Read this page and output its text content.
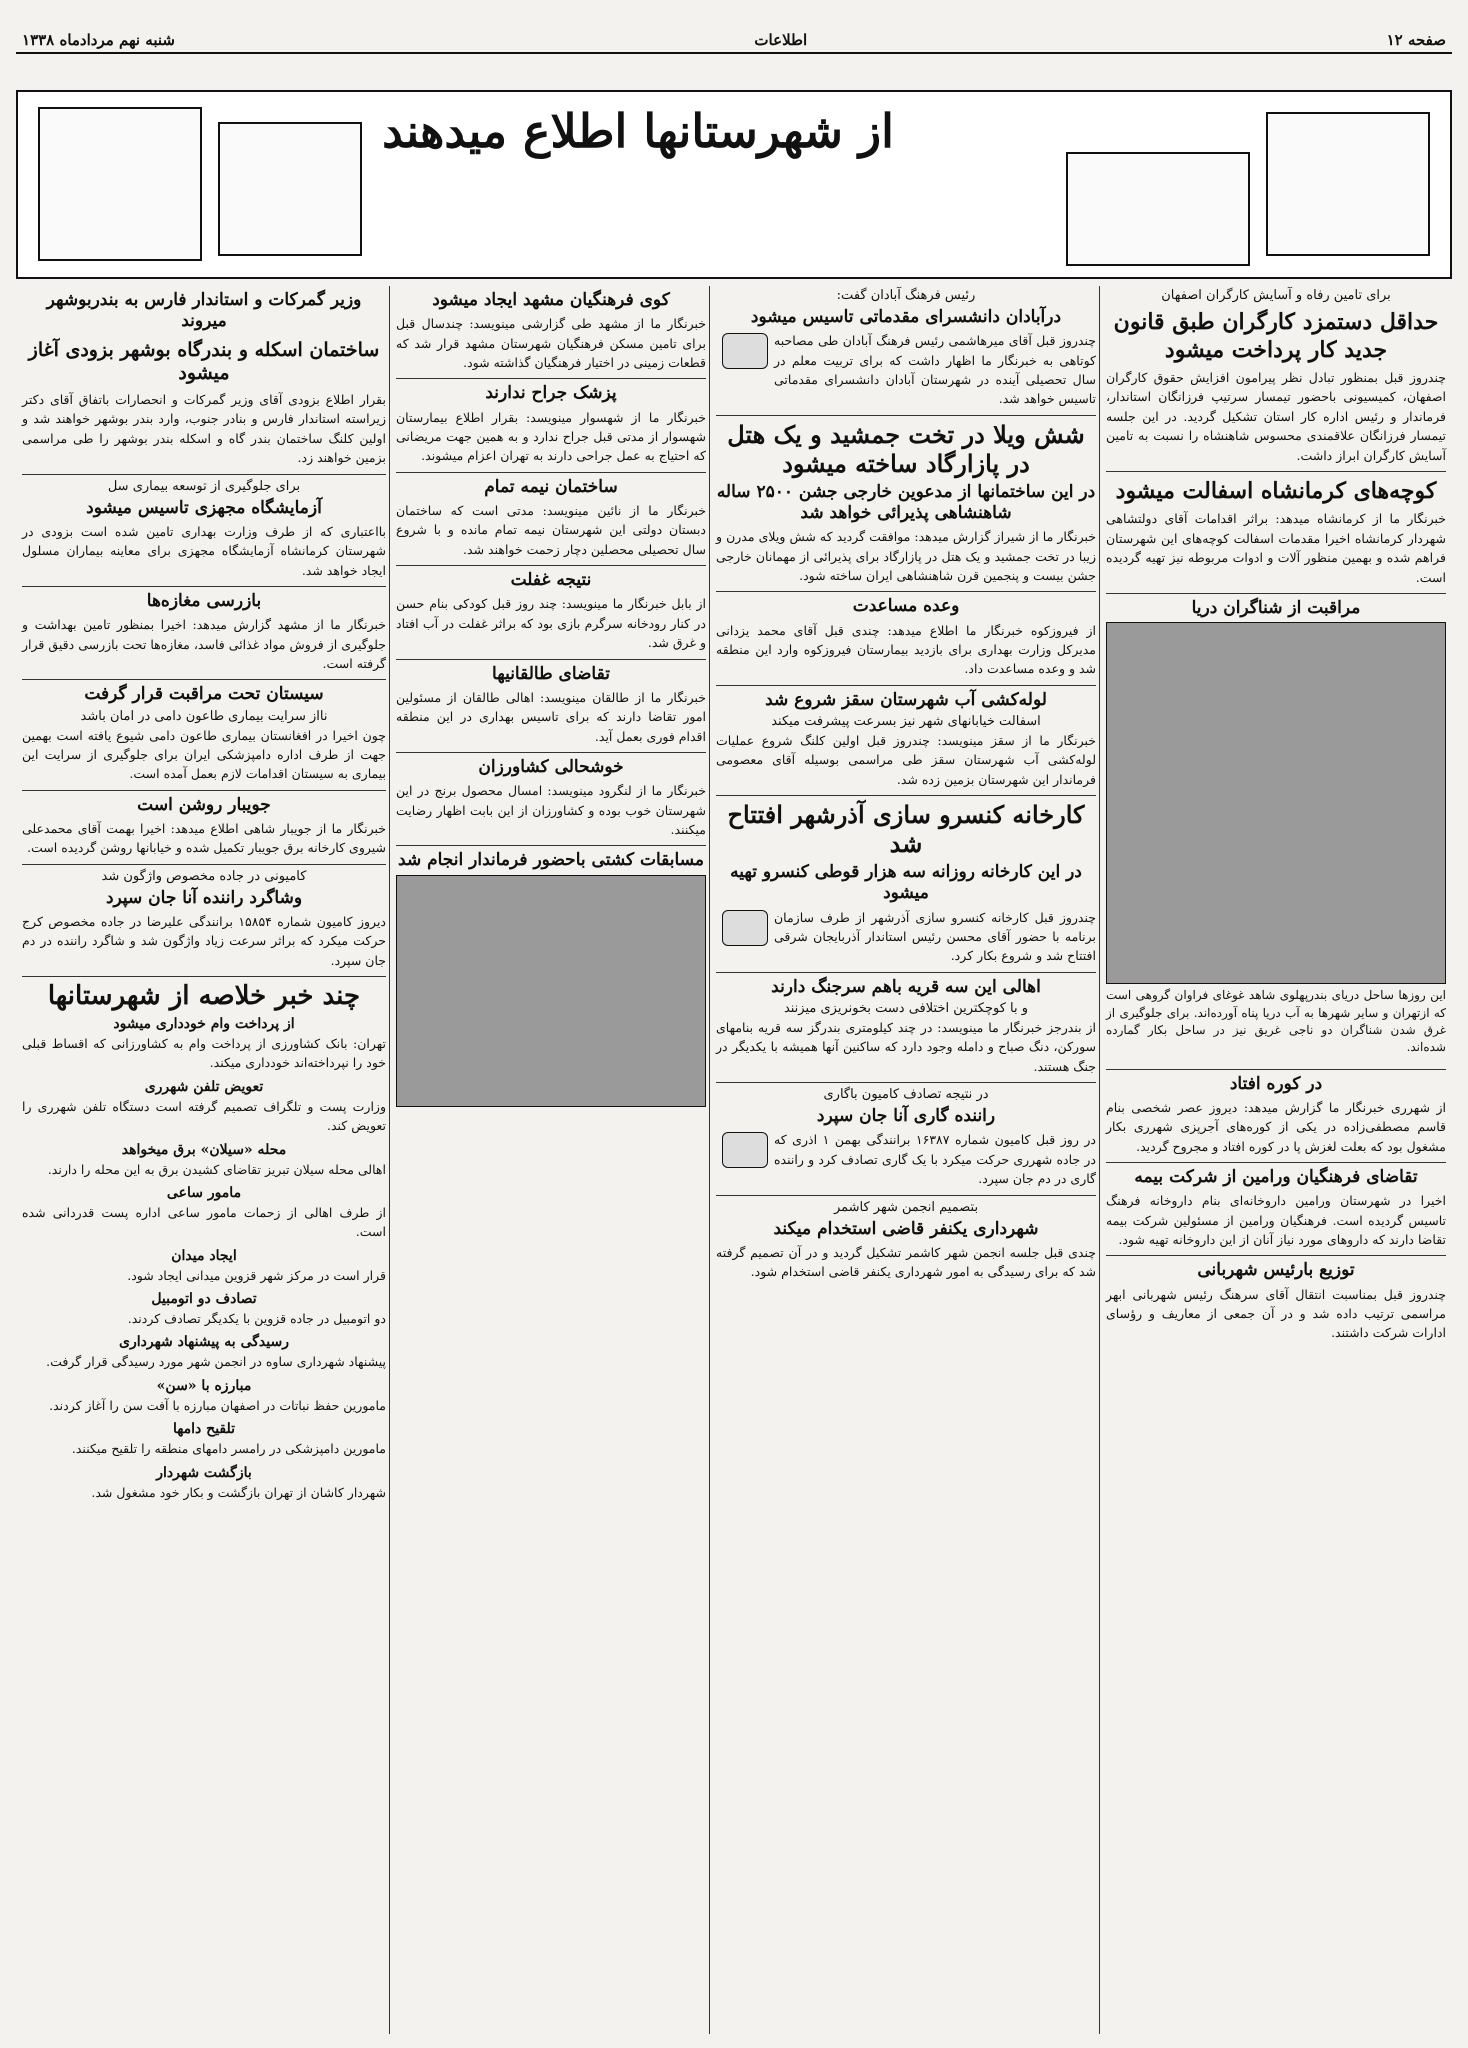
صفحه ۱۲
اطلاعات
شنبه نهم مردادماه ۱۳۳۸
از شهرستانها اطلاع میدهند
برای تامین رفاه و آسایش کارگران اصفهان
حداقل دستمزد کارگران طبق قانون جدید کار پرداخت میشود

چندروز قبل بمنظور تبادل نظر پیرامون افزایش حقوق کارگران اصفهان، کمیسیونی باحضور تیمسار سرتیپ فرزانگان استاندار، فرماندار و رئیس اداره کار استان تشکیل گردید. در این جلسه تیمسار فرزانگان علاقمندی محسوس شاهنشاه را نسبت به تامین آسایش کارگران ابراز داشت.

کوچه‌های کرمانشاه اسفالت میشود

خبرنگار ما از کرمانشاه میدهد: براثر اقدامات آقای دولتشاهی شهردار کرمانشاه اخیرا مقدمات اسفالت کوچه‌های این شهرستان فراهم شده و بهمین منظور آلات و ادوات مربوطه نیز تهیه گردیده است.

مراقبت از شناگران دریا

این روزها ساحل دریای بندرپهلوی شاهد غوغای فراوان گروهی است که ازتهران و سایر شهرها به آب دریا پناه آورده‌اند. برای جلوگیری از غرق شدن شناگران دو ناجی غریق نیز در ساحل بکار گمارده شده‌اند.

در کوره افتاد

از شهرری خبرنگار ما گزارش میدهد: دیروز عصر شخصی بنام قاسم مصطفی‌زاده در یکی از کوره‌های آجرپزی شهرری بکار مشغول بود که بعلت لغزش پا در کوره افتاد و مجروح گردید.

تقاضای فرهنگیان ورامین از شرکت بیمه

اخیرا در شهرستان ورامین داروخانه‌ای بنام داروخانه فرهنگ تاسیس گردیده است. فرهنگیان ورامین از مسئولین شرکت بیمه تقاضا دارند که داروهای مورد نیاز آنان از این داروخانه تهیه شود.

توزیع بارئیس شهربانی

چندروز قبل بمناسبت انتقال آقای سرهنگ رئیس شهربانی ابهر مراسمی ترتیب داده شد و در آن جمعی از معاریف و رؤسای ادارات شرکت داشتند.

رئیس فرهنگ آبادان گفت:
درآبادان دانشسرای مقدماتی تاسیس میشود

چندروز قبل آقای میرهاشمی رئیس فرهنگ آبادان طی مصاحبه کوتاهی به خبرنگار ما اظهار داشت که برای تربیت معلم در سال تحصیلی آینده در شهرستان آبادان دانشسرای مقدماتی تاسیس خواهد شد.

شش ویلا در تخت جمشید و یک هتل در پازارگاد ساخته میشود
در این ساختمانها از مدعوین خارجی جشن ۲۵۰۰ ساله شاهنشاهی پذیرائی خواهد شد

خبرنگار ما از شیراز گزارش میدهد: موافقت گردید که شش ویلای مدرن و زیبا در تخت جمشید و یک هتل در پازارگاد برای پذیرائی از مهمانان خارجی جشن بیست و پنجمین قرن شاهنشاهی ایران ساخته شود.

وعده مساعدت

از فیروزکوه خبرنگار ما اطلاع میدهد: چندی قبل آقای محمد یزدانی مدیرکل وزارت بهداری برای بازدید بیمارستان فیروزکوه وارد این منطقه شد و وعده مساعدت داد.

لوله‌کشی آب شهرستان سقز شروع شد
اسفالت خیابانهای شهر نیز بسرعت پیشرفت میکند

خبرنگار ما از سقز مینویسد: چندروز قبل اولین کلنگ شروع عملیات لوله‌کشی آب شهرستان سقز طی مراسمی بوسیله آقای معصومی فرماندار این شهرستان بزمین زده شد.

کارخانه کنسرو سازی آذرشهر افتتاح شد
در این کارخانه روزانه سه هزار قوطی کنسرو تهیه میشود

چندروز قبل کارخانه کنسرو سازی آذرشهر از طرف سازمان برنامه با حضور آقای محسن رئیس استاندار آذربایجان شرقی افتتاح شد و شروع بکار کرد.

اهالی این سه قریه باهم سرجنگ دارند
و با کوچکترین اختلافی دست بخونریزی میزنند

از بندرجز خبرنگار ما مینویسد: در چند کیلومتری بندرگز سه قریه بنامهای سورکن، دنگ صباح و دامله وجود دارد که ساکنین آنها همیشه با یکدیگر در جنگ هستند.

در نتیجه تصادف کامیون باگاری
راننده گاری آنا جان سپرد

در روز قبل کامیون شماره ۱۶۳۸۷ برانندگی بهمن ۱ اذری که در جاده شهرری حرکت میکرد با یک گاری تصادف کرد و راننده گاری در دم جان سپرد.

بتصمیم انجمن شهر کاشمر
شهرداری یکنفر قاضی استخدام میکند

چندی قبل جلسه انجمن شهر کاشمر تشکیل گردید و در آن تصمیم گرفته شد که برای رسیدگی به امور شهرداری یکنفر قاضی استخدام شود.

کوی فرهنگیان مشهد ایجاد میشود

خبرنگار ما از مشهد طی گزارشی مینویسد: چندسال قبل برای تامین مسکن فرهنگیان شهرستان مشهد قرار شد که قطعات زمینی در اختیار فرهنگیان گذاشته شود.

پزشک جراح ندارند

خبرنگار ما از شهسوار مینویسد: بقرار اطلاع بیمارستان شهسوار از مدتی قبل جراح ندارد و به همین جهت مریضانی که احتیاج به عمل جراحی دارند به تهران اعزام میشوند.

ساختمان نیمه تمام

خبرنگار ما از نائین مینویسد: مدتی است که ساختمان دبستان دولتی این شهرستان نیمه تمام مانده و با شروع سال تحصیلی محصلین دچار زحمت خواهند شد.

نتیجه غفلت

از بابل خبرنگار ما مینویسد: چند روز قبل کودکی بنام حسن در کنار رودخانه سرگرم بازی بود که براثر غفلت در آب افتاد و غرق شد.

تقاضای طالقانیها

خبرنگار ما از طالقان مینویسد: اهالی طالقان از مسئولین امور تقاضا دارند که برای تاسیس بهداری در این منطقه اقدام فوری بعمل آید.

خوشحالی کشاورزان

خبرنگار ما از لنگرود مینویسد: امسال محصول برنج در این شهرستان خوب بوده و کشاورزان از این بابت اظهار رضایت میکنند.

مسابقات کشتی باحضور فرماندار انجام شد
وزیر گمرکات و استاندار فارس به بندربوشهر میروند
ساختمان اسکله و بندرگاه بوشهر بزودی آغاز میشود

بقرار اطلاع بزودی آقای وزیر گمرکات و انحصارات باتفاق آقای دکتر زیراسته استاندار فارس و بنادر جنوب، وارد بندر بوشهر خواهند شد و اولین کلنگ ساختمان بندر گاه و اسکله بندر بوشهر را طی مراسمی بزمین خواهند زد.

برای جلوگیری از توسعه بیماری سل
آزمایشگاه مجهزی تاسیس میشود

بااعتباری که از طرف وزارت بهداری تامین شده است بزودی در شهرستان کرمانشاه آزمایشگاه مجهزی برای معاینه بیماران مسلول ایجاد خواهد شد.

بازرسی مغازه‌ها

خبرنگار ما از مشهد گزارش میدهد: اخیرا بمنظور تامین بهداشت و جلوگیری از فروش مواد غذائی فاسد، مغازه‌ها تحت بازرسی دقیق قرار گرفته است.

سیستان تحت مراقبت قرار گرفت
نااز سرایت بیماری طاعون دامی در امان باشد

چون اخیرا در افغانستان بیماری طاعون دامی شیوع یافته است بهمین جهت از طرف اداره دامپزشکی ایران برای جلوگیری از سرایت این بیماری به سیستان اقدامات لازم بعمل آمده است.

جویبار روشن است

خبرنگار ما از جویبار شاهی اطلاع میدهد: اخیرا بهمت آقای محمدعلی شیروی کارخانه برق جویبار تکمیل شده و خیابانها روشن گردیده است.

کامیونی در جاده مخصوص واژگون شد
وشاگرد راننده آنا جان سپرد

دیروز کامیون شماره ۱۵۸۵۴ برانندگی علیرضا در جاده مخصوص کرج حرکت میکرد که براثر سرعت زیاد واژگون شد و شاگرد راننده در دم جان سپرد.

چند خبر خلاصه از شهرستانها
از پرداخت وام خودداری میشود

تهران: بانک کشاورزی از پرداخت وام به کشاورزانی که اقساط قبلی خود را نپرداخته‌اند خودداری میکند.

تعویض تلفن شهرری

وزارت پست و تلگراف تصمیم گرفته است دستگاه تلفن شهرری را تعویض کند.

محله «سیلان» برق میخواهد

اهالی محله سیلان تبریز تقاضای کشیدن برق به این محله را دارند.

مامور ساعی

از طرف اهالی از زحمات مامور ساعی اداره پست قدردانی شده است.

ایجاد میدان

قرار است در مرکز شهر قزوین میدانی ایجاد شود.

تصادف دو اتومبیل

دو اتومبیل در جاده قزوین با یکدیگر تصادف کردند.

رسیدگی به پیشنهاد شهرداری

پیشنهاد شهرداری ساوه در انجمن شهر مورد رسیدگی قرار گرفت.

مبارزه با «سن»

مامورین حفظ نباتات در اصفهان مبارزه با آفت سن را آغاز کردند.

تلقیح دامها

مامورین دامپزشکی در رامسر دامهای منطقه را تلقیح میکنند.

بازگشت شهردار

شهردار کاشان از تهران بازگشت و بکار خود مشغول شد.
